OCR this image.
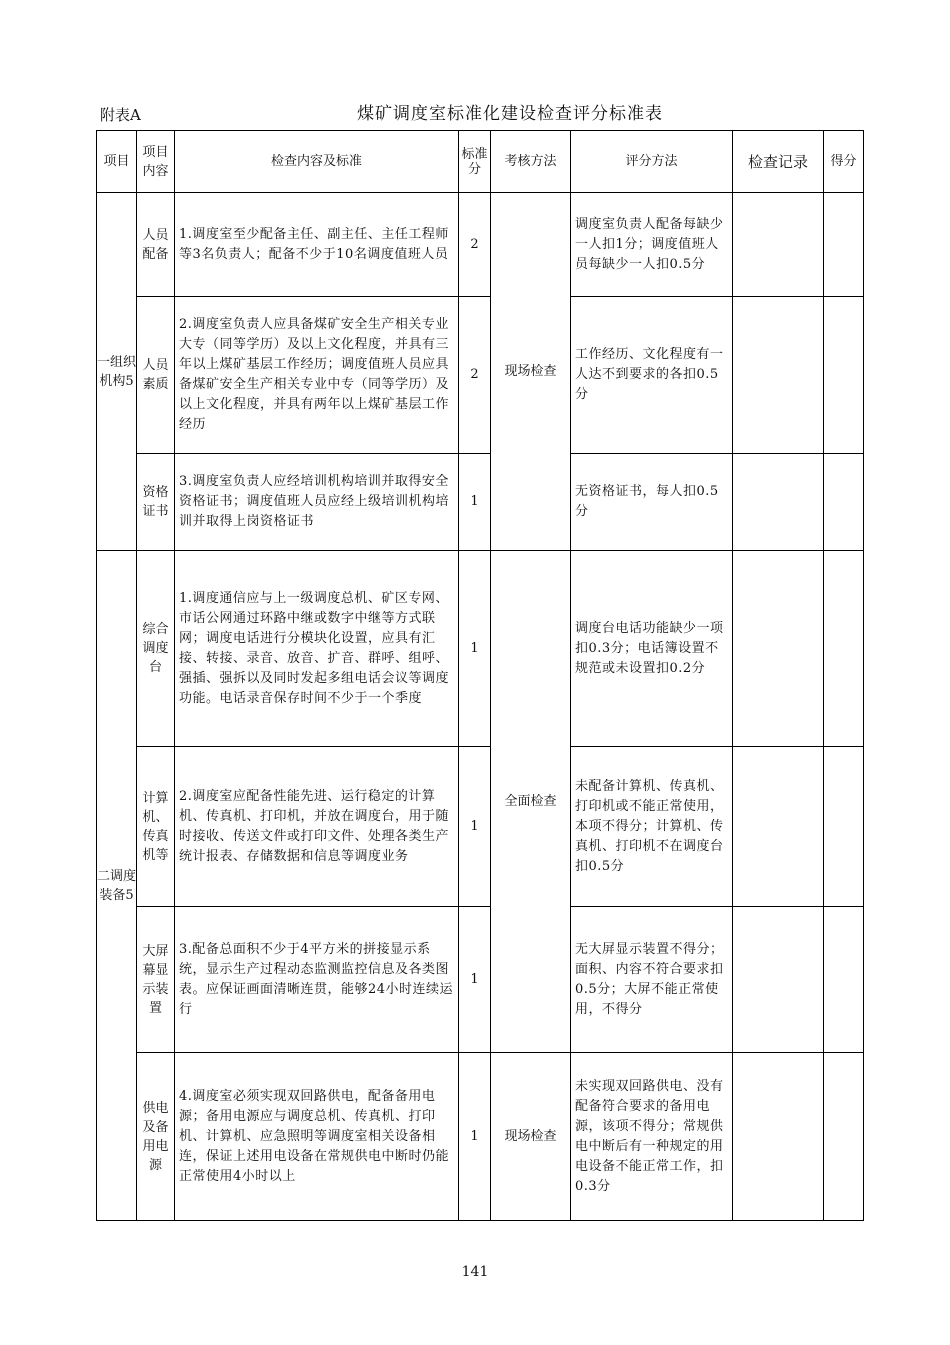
附表A	煤矿调度室标准化建设检查评分标准表
项目	项目内容	检查内容及标准	标准分	考核方法	评分方法	检查记录	得分
一组织机构5	人员配备	1.调度室至少配备主任、副主任、主任工程师等3名负责人；配备不少于10名调度值班人员	2	现场检查	调度室负责人配备每缺少一人扣1分；调度值班人员每缺少一人扣0.5分		
	人员素质	2.调度室负责人应具备煤矿安全生产相关专业大专（同等学历）及以上文化程度，并具有三年以上煤矿基层工作经历；调度值班人员应具备煤矿安全生产相关专业中专（同等学历）及以上文化程度，并具有两年以上煤矿基层工作经历	2		工作经历、文化程度有一人达不到要求的各扣0.5分		
	资格证书	3.调度室负责人应经培训机构培训并取得安全资格证书；调度值班人员应经上级培训机构培训并取得上岗资格证书	1		无资格证书，每人扣0.5分		
二调度装备5	综合调度台	1.调度通信应与上一级调度总机、矿区专网、市话公网通过环路中继或数字中继等方式联网；调度电话进行分模块化设置，应具有汇接、转接、录音、放音、扩音、群呼、组呼、强插、强拆以及同时发起多组电话会议等调度功能。电话录音保存时间不少于一个季度	1	全面检查	调度台电话功能缺少一项扣0.3分；电话簿设置不规范或未设置扣0.2分		
	计算机、传真机等	2.调度室应配备性能先进、运行稳定的计算机、传真机、打印机，并放在调度台，用于随时接收、传送文件或打印文件、处理各类生产统计报表、存储数据和信息等调度业务	1		未配备计算机、传真机、打印机或不能正常使用，本项不得分；计算机、传真机、打印机不在调度台扣0.5分		
	大屏幕显示装置	3.配备总面积不少于4平方米的拼接显示系统，显示生产过程动态监测监控信息及各类图表。应保证画面清晰连贯，能够24小时连续运行	1		无大屏显示装置不得分；面积、内容不符合要求扣0.5分；大屏不能正常使用，不得分		
	供电及备用电源	4.调度室必须实现双回路供电，配备备用电源；备用电源应与调度总机、传真机、打印机、计算机、应急照明等调度室相关设备相连，保证上述用电设备在常规供电中断时仍能正常使用4小时以上	1	现场检查	未实现双回路供电、没有配备符合要求的备用电源，该项不得分；常规供电中断后有一种规定的用电设备不能正常工作，扣0.3分		
141
